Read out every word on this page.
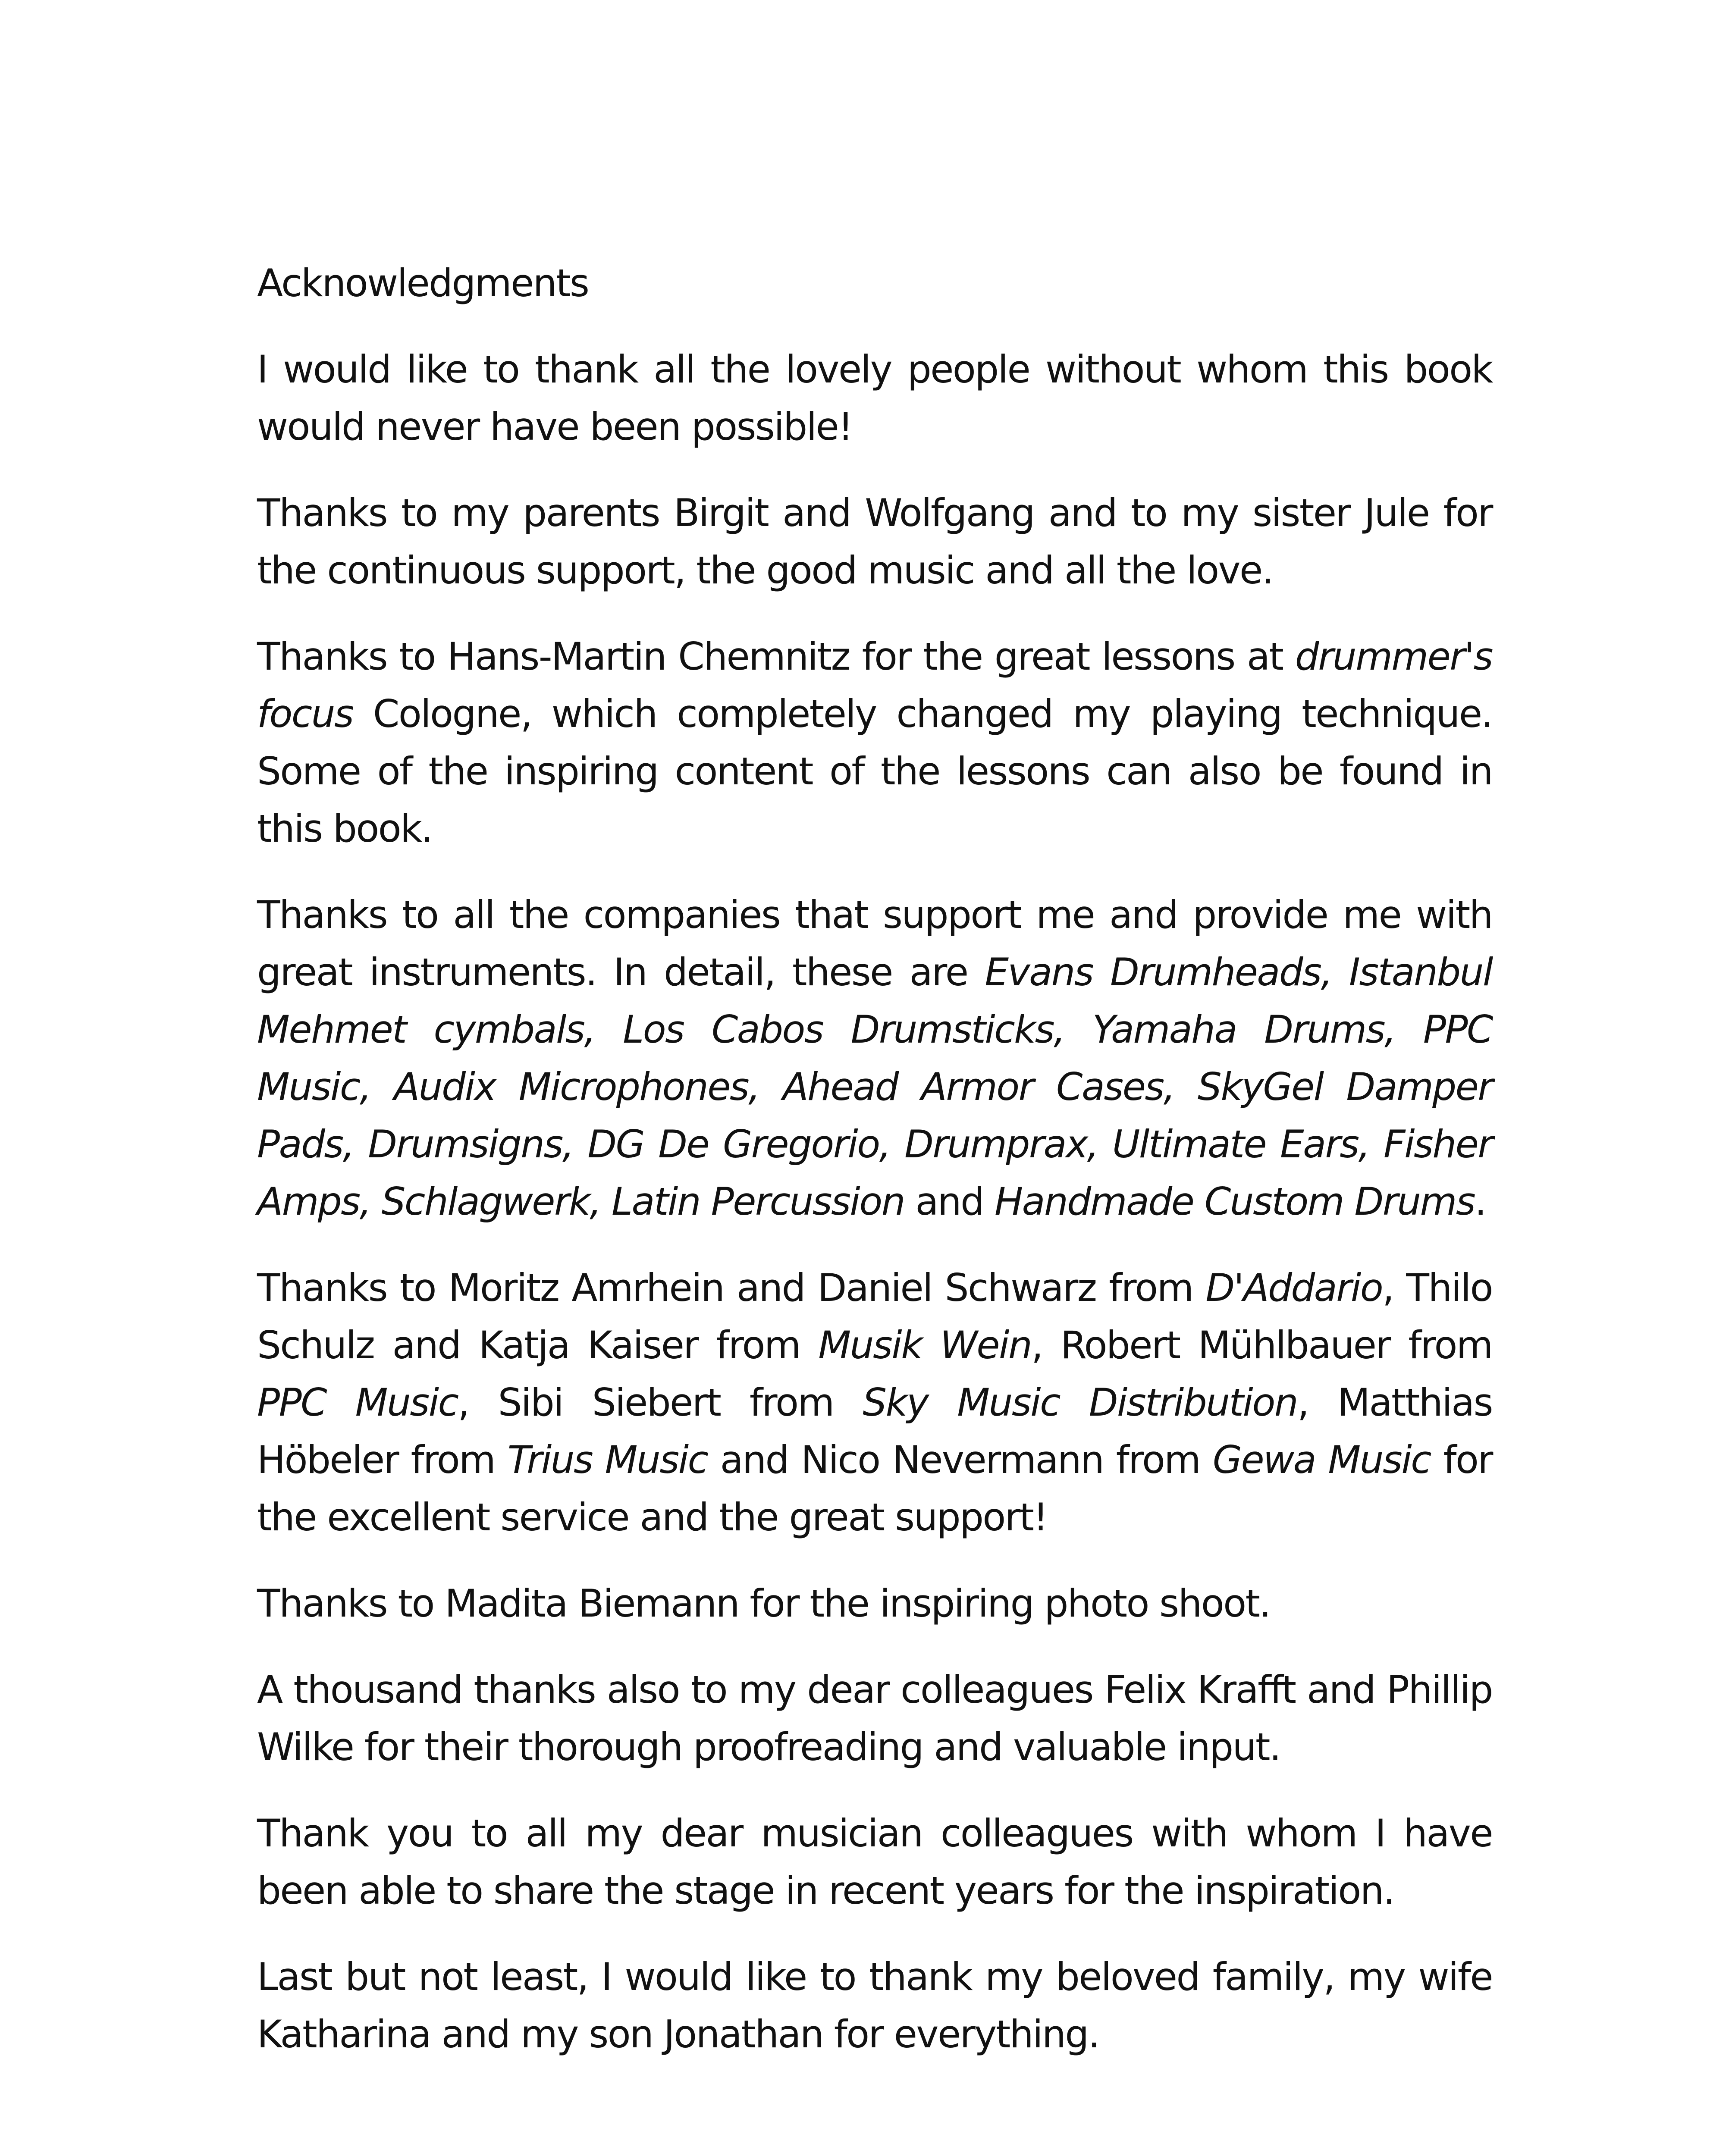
Acknowledgments

I would like to thank all the lovely people without whom this book would never have been possible!

Thanks to my parents Birgit and Wolfgang and to my sister Jule for the continuous support, the good music and all the love.

Thanks to Hans-Martin Chemnitz for the great lessons at drummer's focus Cologne, which completely changed my playing technique. Some of the inspiring content of the lessons can also be found in this book.

Thanks to all the companies that support me and provide me with great instruments. In detail, these are Evans Drumheads, Istanbul Mehmet cymbals, Los Cabos Drumsticks, Yamaha Drums, PPC Music, Audix Microphones, Ahead Armor Cases, SkyGel Damper Pads, Drumsigns, DG De Gregorio, Drumprax, Ultimate Ears, Fisher Amps, Schlagwerk, Latin Percussion and Handmade Custom Drums.

Thanks to Moritz Amrhein and Daniel Schwarz from D'Addario, Thilo Schulz and Katja Kaiser from Musik Wein, Robert Mühlbauer from PPC Music, Sibi Siebert from Sky Music Distribution, Matthias Höbeler from Trius Music and Nico Nevermann from Gewa Music for the excellent service and the great support!

Thanks to Madita Biemann for the inspiring photo shoot.

A thousand thanks also to my dear colleagues Felix Krafft and Phillip Wilke for their thorough proofreading and valuable input.

Thank you to all my dear musician colleagues with whom I have been able to share the stage in recent years for the inspiration.

Last but not least, I would like to thank my beloved family, my wife Katharina and my son Jonathan for everything.
